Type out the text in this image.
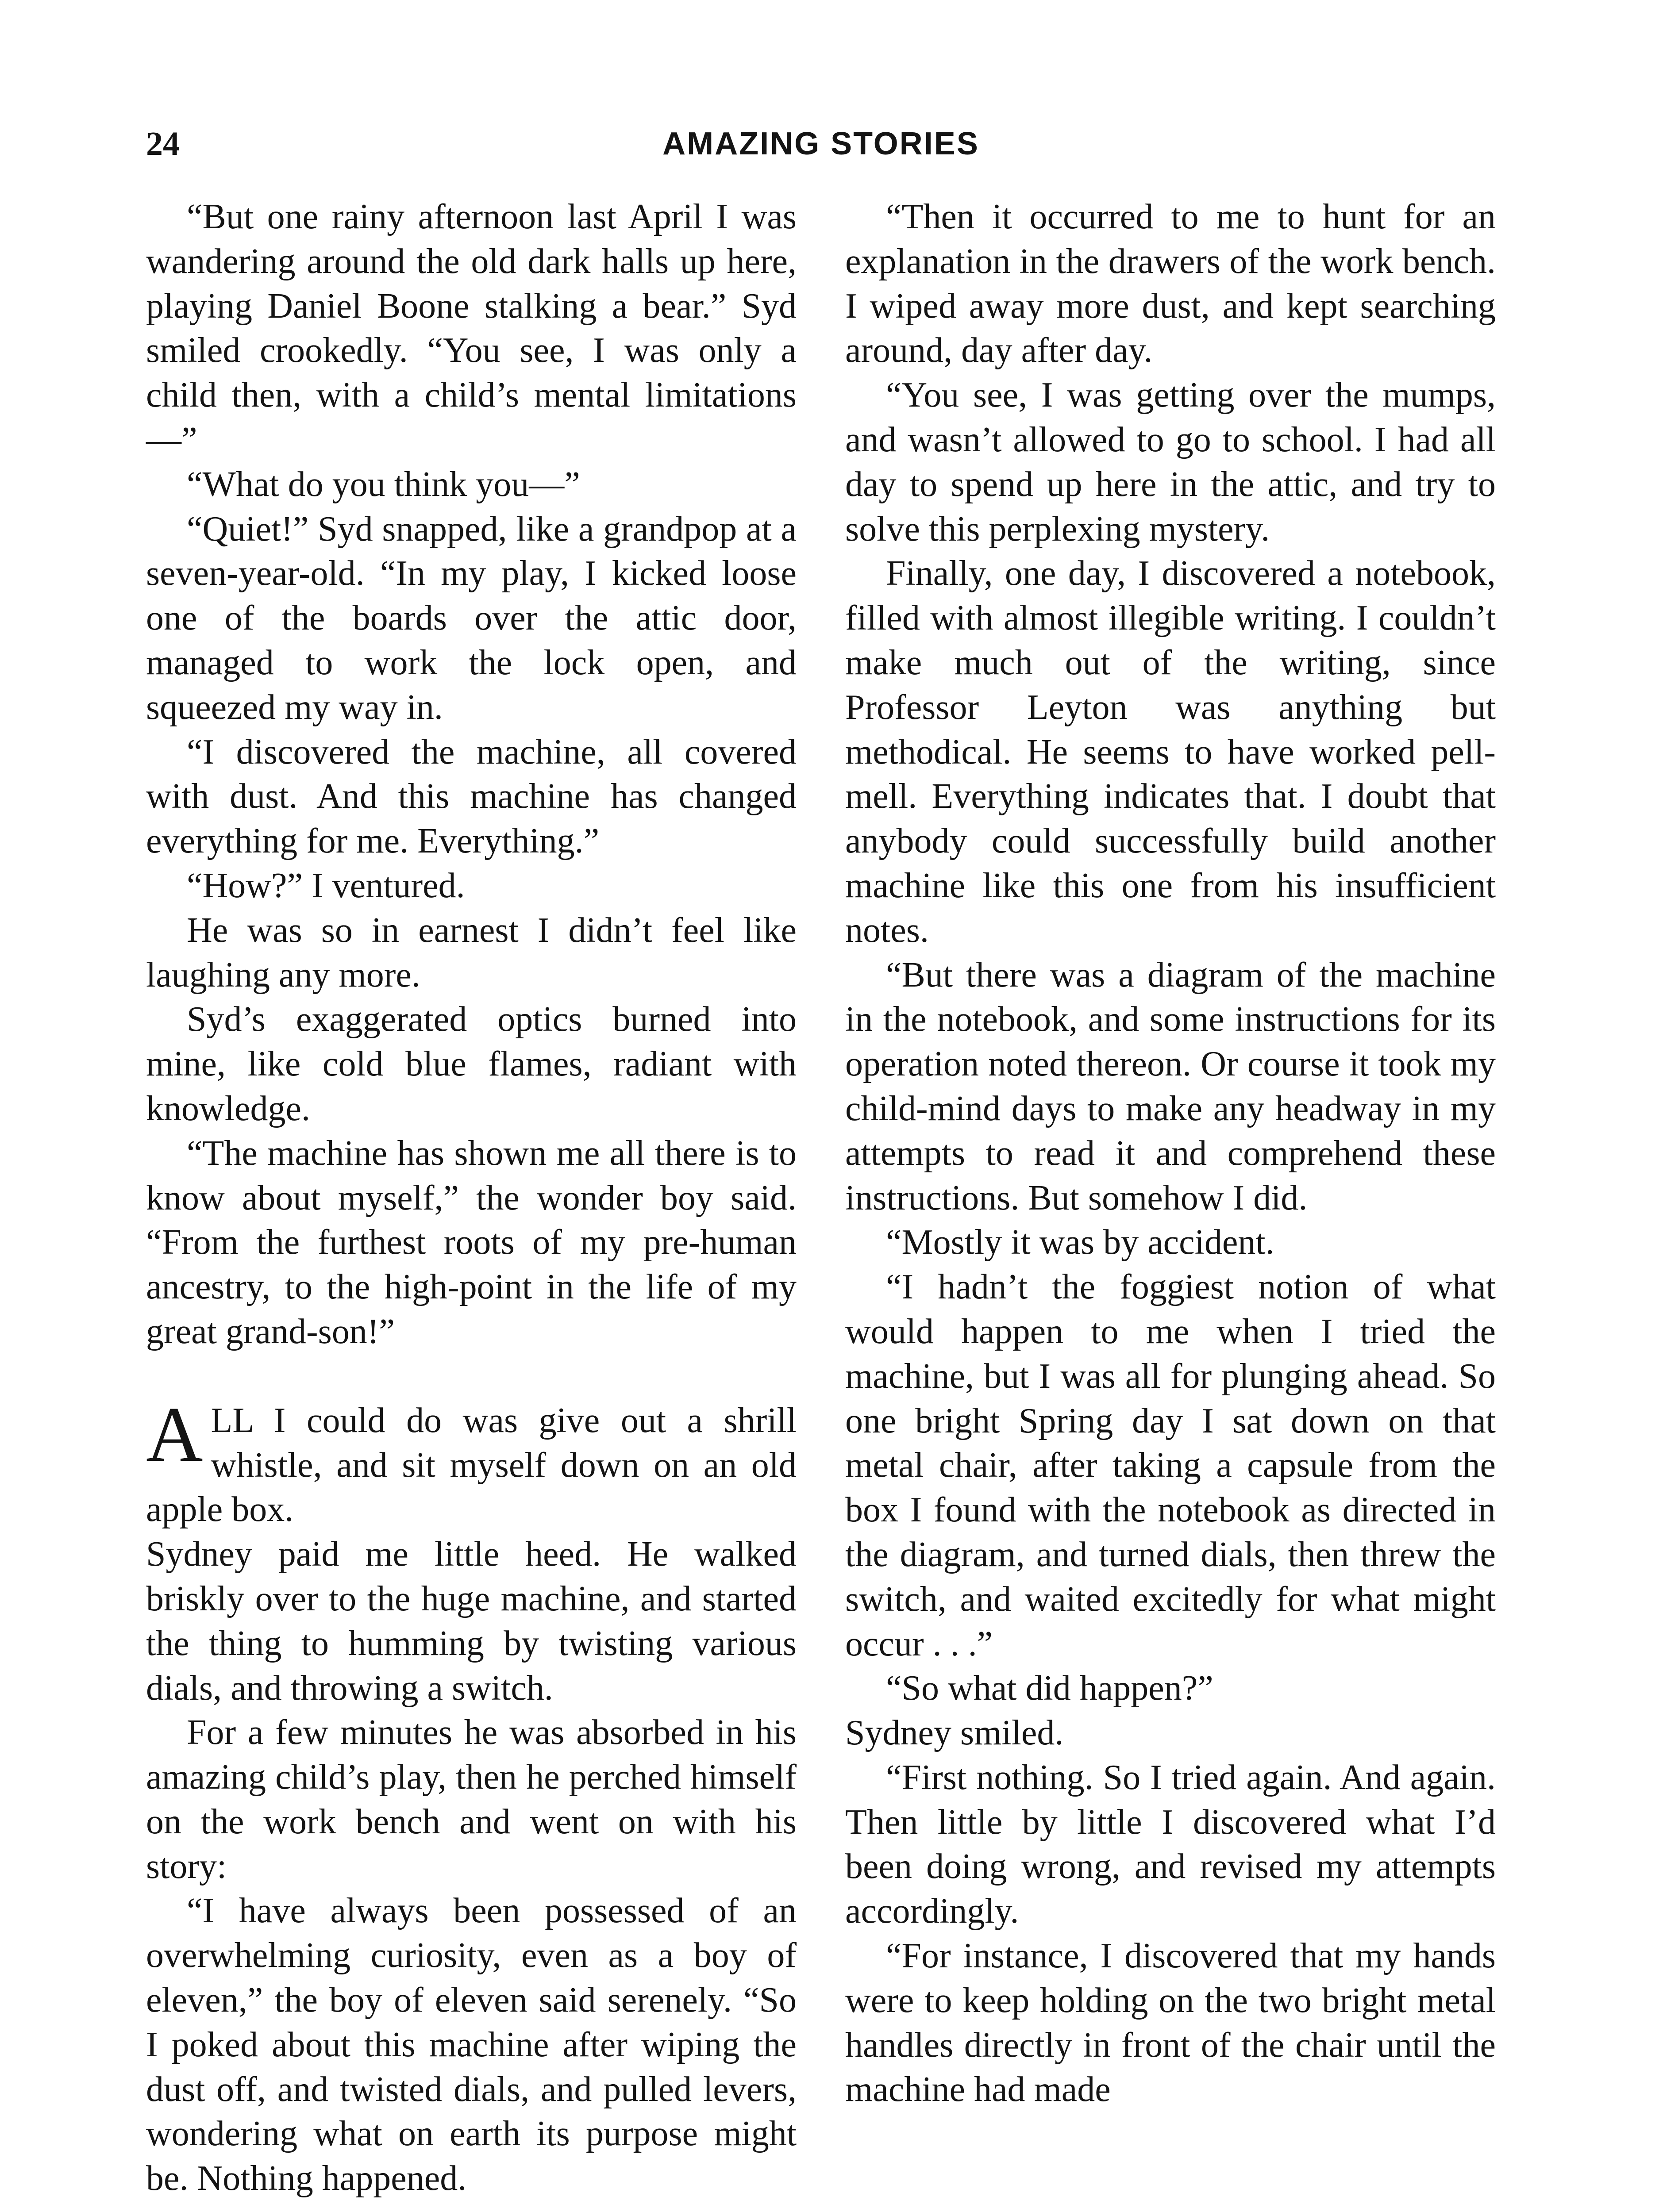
24	AMAZING STORIES

“But one rainy afternoon last April I was wandering around the old dark halls up here, playing Daniel Boone stalking a bear.” Syd smiled crookedly. “You see, I was only a child then, with a child’s mental limitations—”

“What do you think you—”

“Quiet!” Syd snapped, like a grandpop at a seven-year-old. “In my play, I kicked loose one of the boards over the attic door, managed to work the lock open, and squeezed my way in.

“I discovered the machine, all covered with dust. And this machine has changed everything for me. Everything.”

“How?” I ventured.

He was so in earnest I didn’t feel like laughing any more.

Syd’s exaggerated optics burned into mine, like cold blue flames, radiant with knowledge.

“The machine has shown me all there is to know about myself,” the wonder boy said. “From the furthest roots of my pre-human ancestry, to the high-point in the life of my great grand-son!”

ALL I could do was give out a shrill whistle, and sit myself down on an old apple box.

Sydney paid me little heed. He walked briskly over to the huge machine, and started the thing to humming by twisting various dials, and throwing a switch.

For a few minutes he was absorbed in his amazing child’s play, then he perched himself on the work bench and went on with his story:

“I have always been possessed of an overwhelming curiosity, even as a boy of eleven,” the boy of eleven said serenely. “So I poked about this machine after wiping the dust off, and twisted dials, and pulled levers, wondering what on earth its purpose might be. Nothing happened.

“Then it occurred to me to hunt for an explanation in the drawers of the work bench. I wiped away more dust, and kept searching around, day after day.

“You see, I was getting over the mumps, and wasn’t allowed to go to school. I had all day to spend up here in the attic, and try to solve this perplexing mystery.

Finally, one day, I discovered a notebook, filled with almost illegible writing. I couldn’t make much out of the writing, since Professor Leyton was anything but methodical. He seems to have worked pell-mell. Everything indicates that. I doubt that anybody could successfully build another machine like this one from his insufficient notes.

“But there was a diagram of the machine in the notebook, and some instructions for its operation noted thereon. Or course it took my child-mind days to make any headway in my attempts to read it and comprehend these instructions. But somehow I did.

“Mostly it was by accident.

“I hadn’t the foggiest notion of what would happen to me when I tried the machine, but I was all for plunging ahead. So one bright Spring day I sat down on that metal chair, after taking a capsule from the box I found with the notebook as directed in the diagram, and turned dials, then threw the switch, and waited excitedly for what might occur . . .”

“So what did happen?”

Sydney smiled.

“First nothing. So I tried again. And again. Then little by little I discovered what I’d been doing wrong, and revised my attempts accordingly.

“For instance, I discovered that my hands were to keep holding on the two bright metal handles directly in front of the chair until the machine had made
